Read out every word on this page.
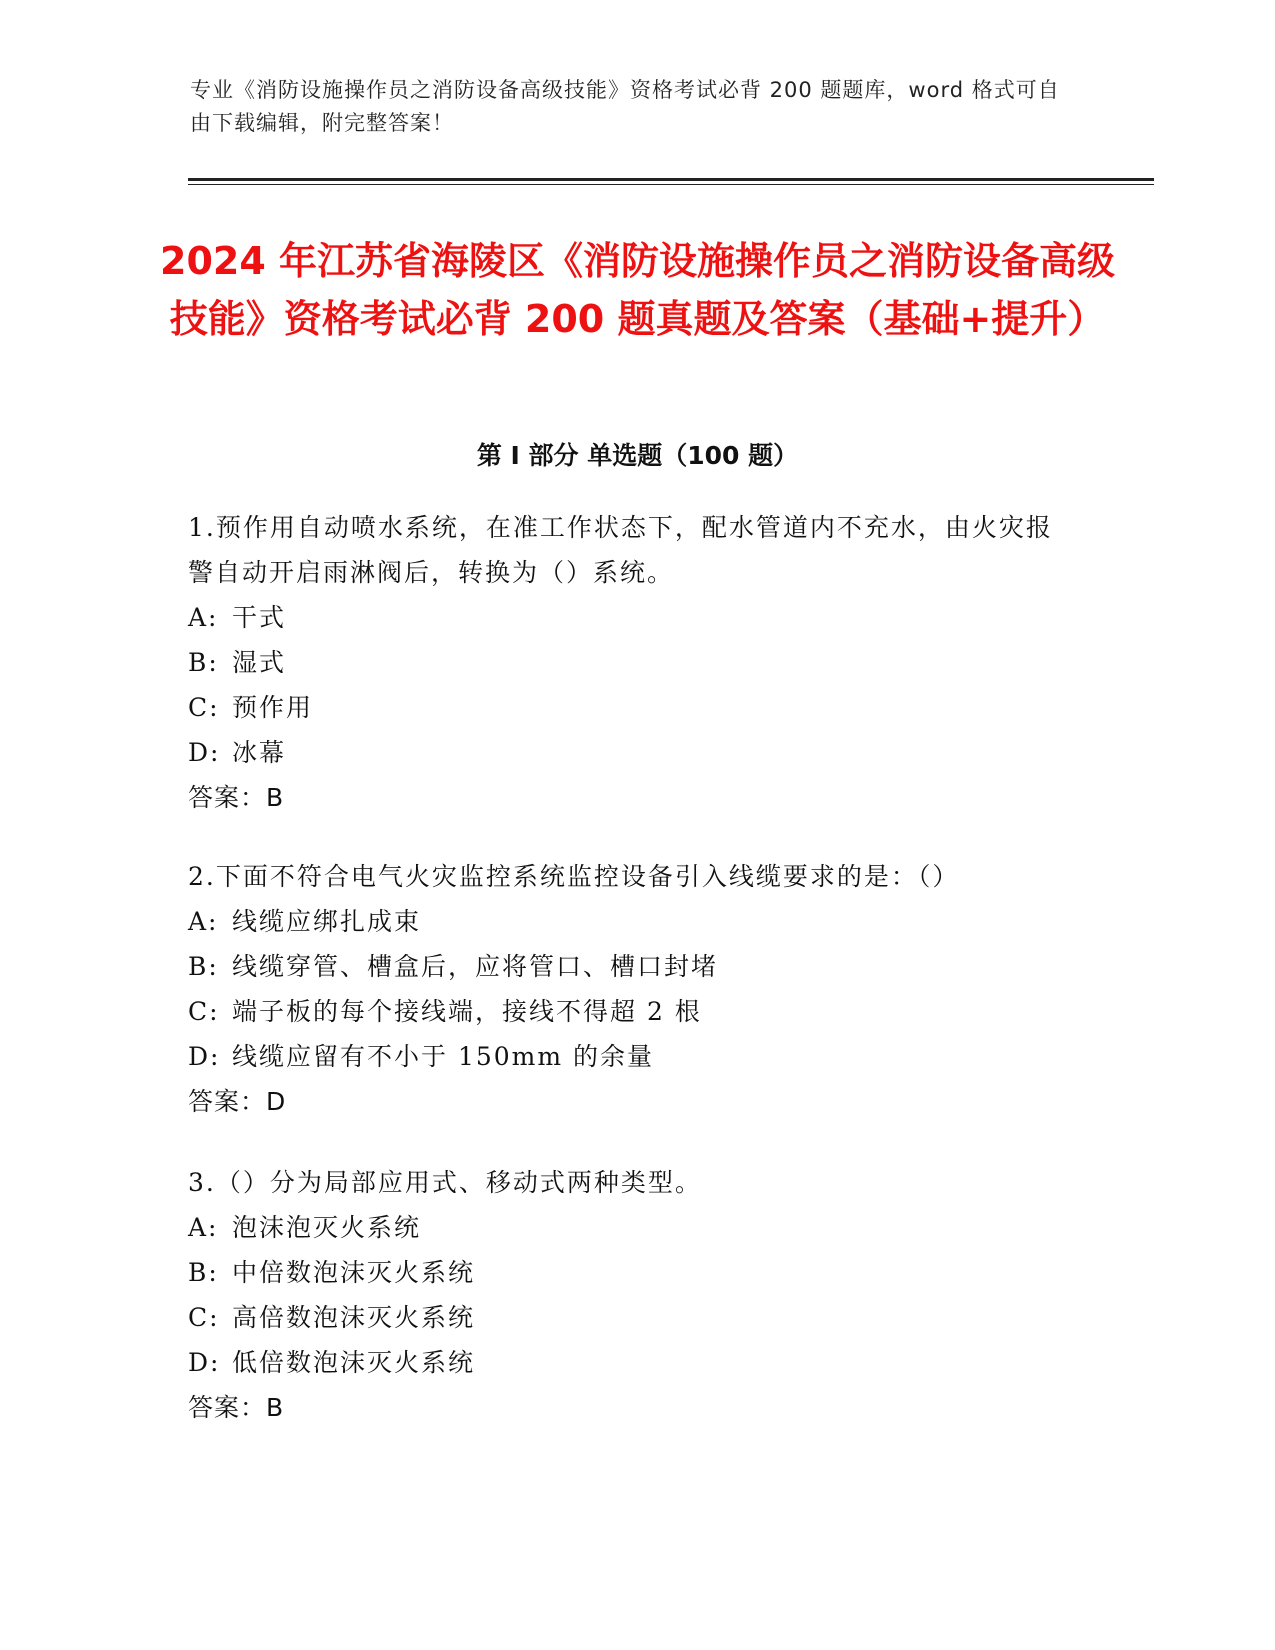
专业《消防设施操作员之消防设备高级技能》资格考试必背 200 题题库，word 格式可自由下载编辑，附完整答案！
2024 年江苏省海陵区《消防设施操作员之消防设备高级技能》资格考试必背 200 题真题及答案（基础+提升）
第 I 部分 单选题（100 题）
1.预作用自动喷水系统，在准工作状态下，配水管道内不充水，由火灾报警自动开启雨淋阀后，转换为（）系统。
A: 干式
B: 湿式
C: 预作用
D: 冰幕
答案：B
2.下面不符合电气火灾监控系统监控设备引入线缆要求的是：（）
A: 线缆应绑扎成束
B: 线缆穿管、槽盒后，应将管口、槽口封堵
C: 端子板的每个接线端，接线不得超 2 根
D: 线缆应留有不小于 150mm 的余量
答案：D
3.（）分为局部应用式、移动式两种类型。
A: 泡沫泡灭火系统
B: 中倍数泡沫灭火系统
C: 高倍数泡沫灭火系统
D: 低倍数泡沫灭火系统
答案：B
